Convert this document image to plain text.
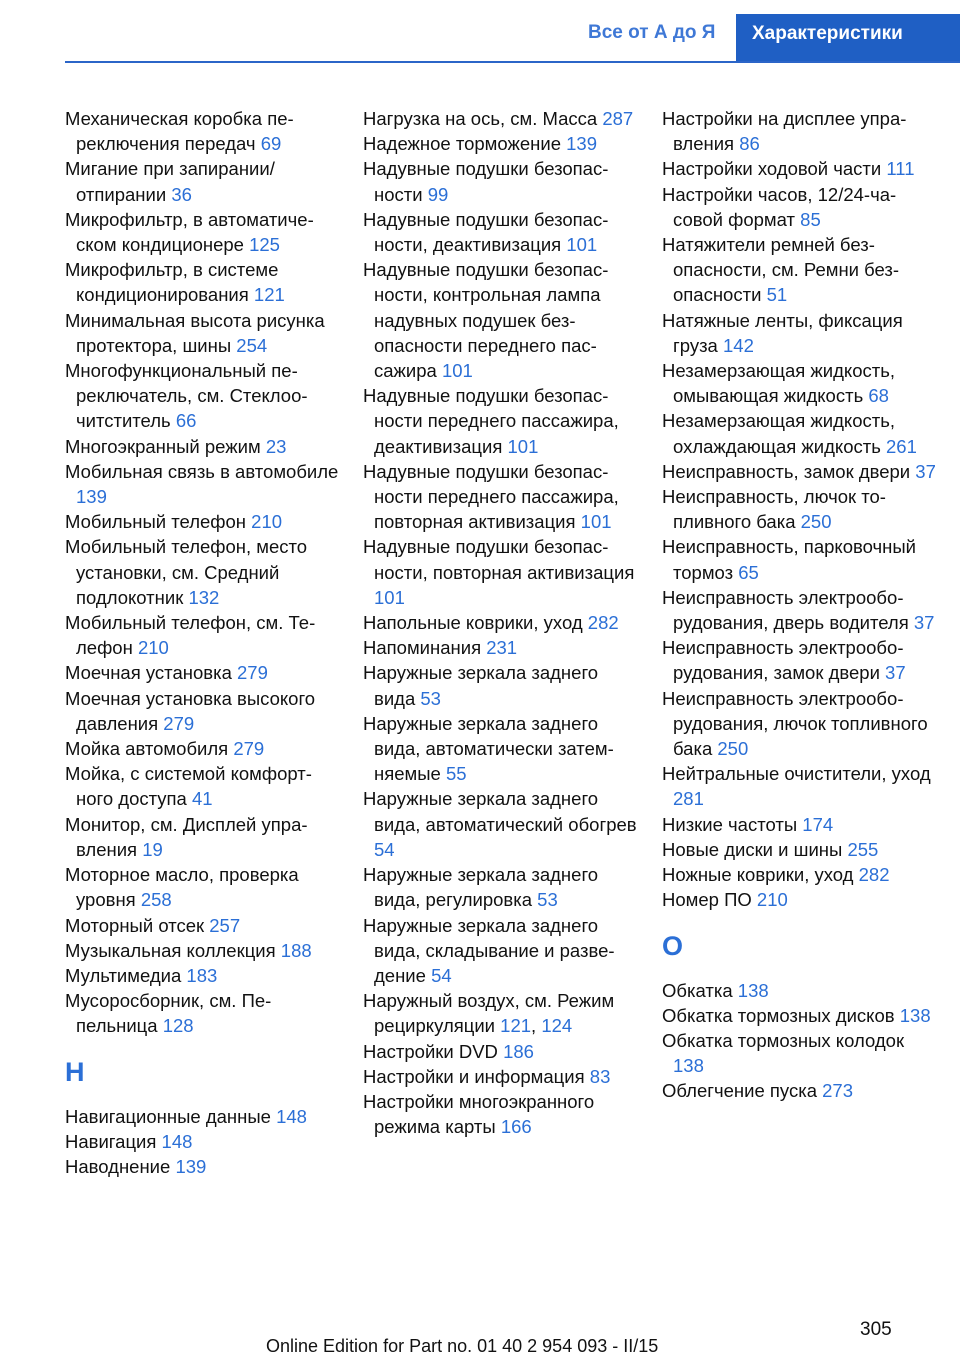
Все от А до Я	Характеристики
Механическая коробка переключения передач 69
Мигание при запирании/отпирании 36
Микрофильтр, в автоматическом кондиционере 125
Микрофильтр, в системе кондиционирования 121
Минимальная высота рисунка протектора, шины 254
Многофункциональный переключатель, см. Стеклоочитститель 66
Многоэкранный режим 23
Мобильная связь в автомобиле 139
Мобильный телефон 210
Мобильный телефон, место установки, см. Средний подлокотник 132
Мобильный телефон, см. Телефон 210
Моечная установка 279
Моечная установка высокого давления 279
Мойка автомобиля 279
Мойка, с системой комфортного доступа 41
Монитор, см. Дисплей управления 19
Моторное масло, проверка уровня 258
Моторный отсек 257
Музыкальная коллекция 188
Мультимедиа 183
Мусоросборник, см. Пепельница 128
Н
Навигационные данные 148
Навигация 148
Наводнение 139
Нагрузка на ось, см. Масса 287
Надежное торможение 139
Надувные подушки безопасности 99
Надувные подушки безопасности, деактивизация 101
Надувные подушки безопасности, контрольная лампа надувных подушек безопасности переднего пассажира 101
Надувные подушки безопасности переднего пассажира, деактивизация 101
Надувные подушки безопасности переднего пассажира, повторная активизация 101
Надувные подушки безопасности, повторная активизация 101
Напольные коврики, уход 282
Напоминания 231
Наружные зеркала заднего вида 53
Наружные зеркала заднего вида, автоматически затемняемые 55
Наружные зеркала заднего вида, автоматический обогрев 54
Наружные зеркала заднего вида, регулировка 53
Наружные зеркала заднего вида, складывание и разведение 54
Наружный воздух, см. Режим рециркуляции 121, 124
Настройки DVD 186
Настройки и информация 83
Настройки многоэкранного режима карты 166
Настройки на дисплее управления 86
Настройки ходовой части 111
Настройки часов, 12/24-часовой формат 85
Натяжители ремней безопасности, см. Ремни безопасности 51
Натяжные ленты, фиксация груза 142
Незамерзающая жидкость, омывающая жидкость 68
Незамерзающая жидкость, охлаждающая жидкость 261
Неисправность, замок двери 37
Неисправность, лючок топливного бака 250
Неисправность, парковочный тормоз 65
Неисправность электрооборудования, дверь водителя 37
Неисправность электрооборудования, замок двери 37
Неисправность электрооборудования, лючок топливного бака 250
Нейтральные очистители, уход 281
Низкие частоты 174
Новые диски и шины 255
Ножные коврики, уход 282
Номер ПО 210
О
Обкатка 138
Обкатка тормозных дисков 138
Обкатка тормозных колодок 138
Облегчение пуска 273
305
Online Edition for Part no. 01 40 2 954 093 - II/15
